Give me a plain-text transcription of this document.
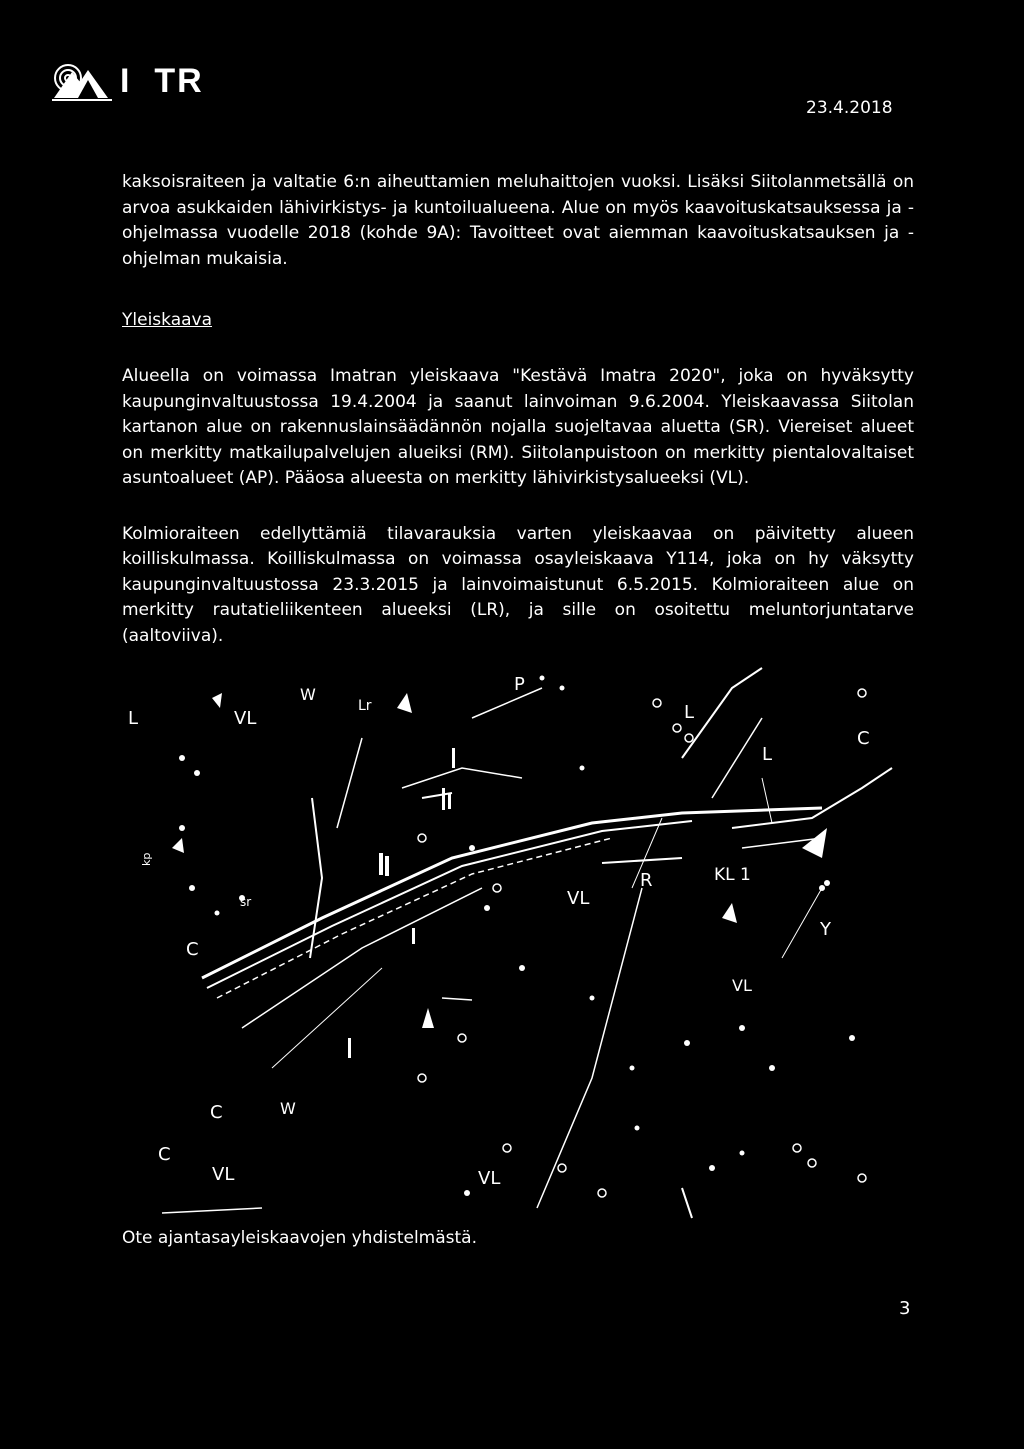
I  TR
23.4.2018

kaksoisraiteen ja valtatie 6:n aiheuttamien meluhaittojen vuoksi. Lisäksi Siitolanmetsällä on arvoa asukkaiden lähivirkistys- ja kuntoilualueena. Alue on myös kaavoituskatsauksessa ja -ohjelmassa vuodelle 2018 (kohde 9A): Tavoitteet ovat aiemman kaavoituskatsauksen ja -ohjelman mukaisia.

Yleiskaava

Alueella on voimassa Imatran yleiskaava "Kestävä Imatra 2020", joka on hyväksytty kaupunginvaltuustossa 19.4.2004 ja saanut lainvoiman 9.6.2004. Yleiskaavassa Siitolan kartanon alue on rakennuslainsäädännön nojalla suojeltavaa aluetta (SR). Viereiset alueet on merkitty matkailupalvelujen alueiksi (RM). Siitolanpuistoon on merkitty pientalovaltaiset asuntoalueet (AP). Pääosa alueesta on merkitty lähivirkistysalueeksi (VL).

Kolmioraiteen edellyttämiä tilavarauksia varten yleiskaavaa on päivitetty alueen koilliskulmassa. Koilliskulmassa on voimassa osayleiskaava Y114, joka on hy väksytty kaupunginvaltuustossa 23.3.2015 ja lainvoimaistunut 6.5.2015. Kolmioraiteen alue on merkitty rautatieliikenteen alueeksi (LR), ja sille on osoitettu meluntorjuntatarve (aaltoviiva).

L	VL
W
Lr
P
L
L
C
KL 1
R
VL
Y
VL
C
sr
kp
C	W
C
VL	VL
Ote ajantasayleiskaavojen yhdistelmästä.
3
